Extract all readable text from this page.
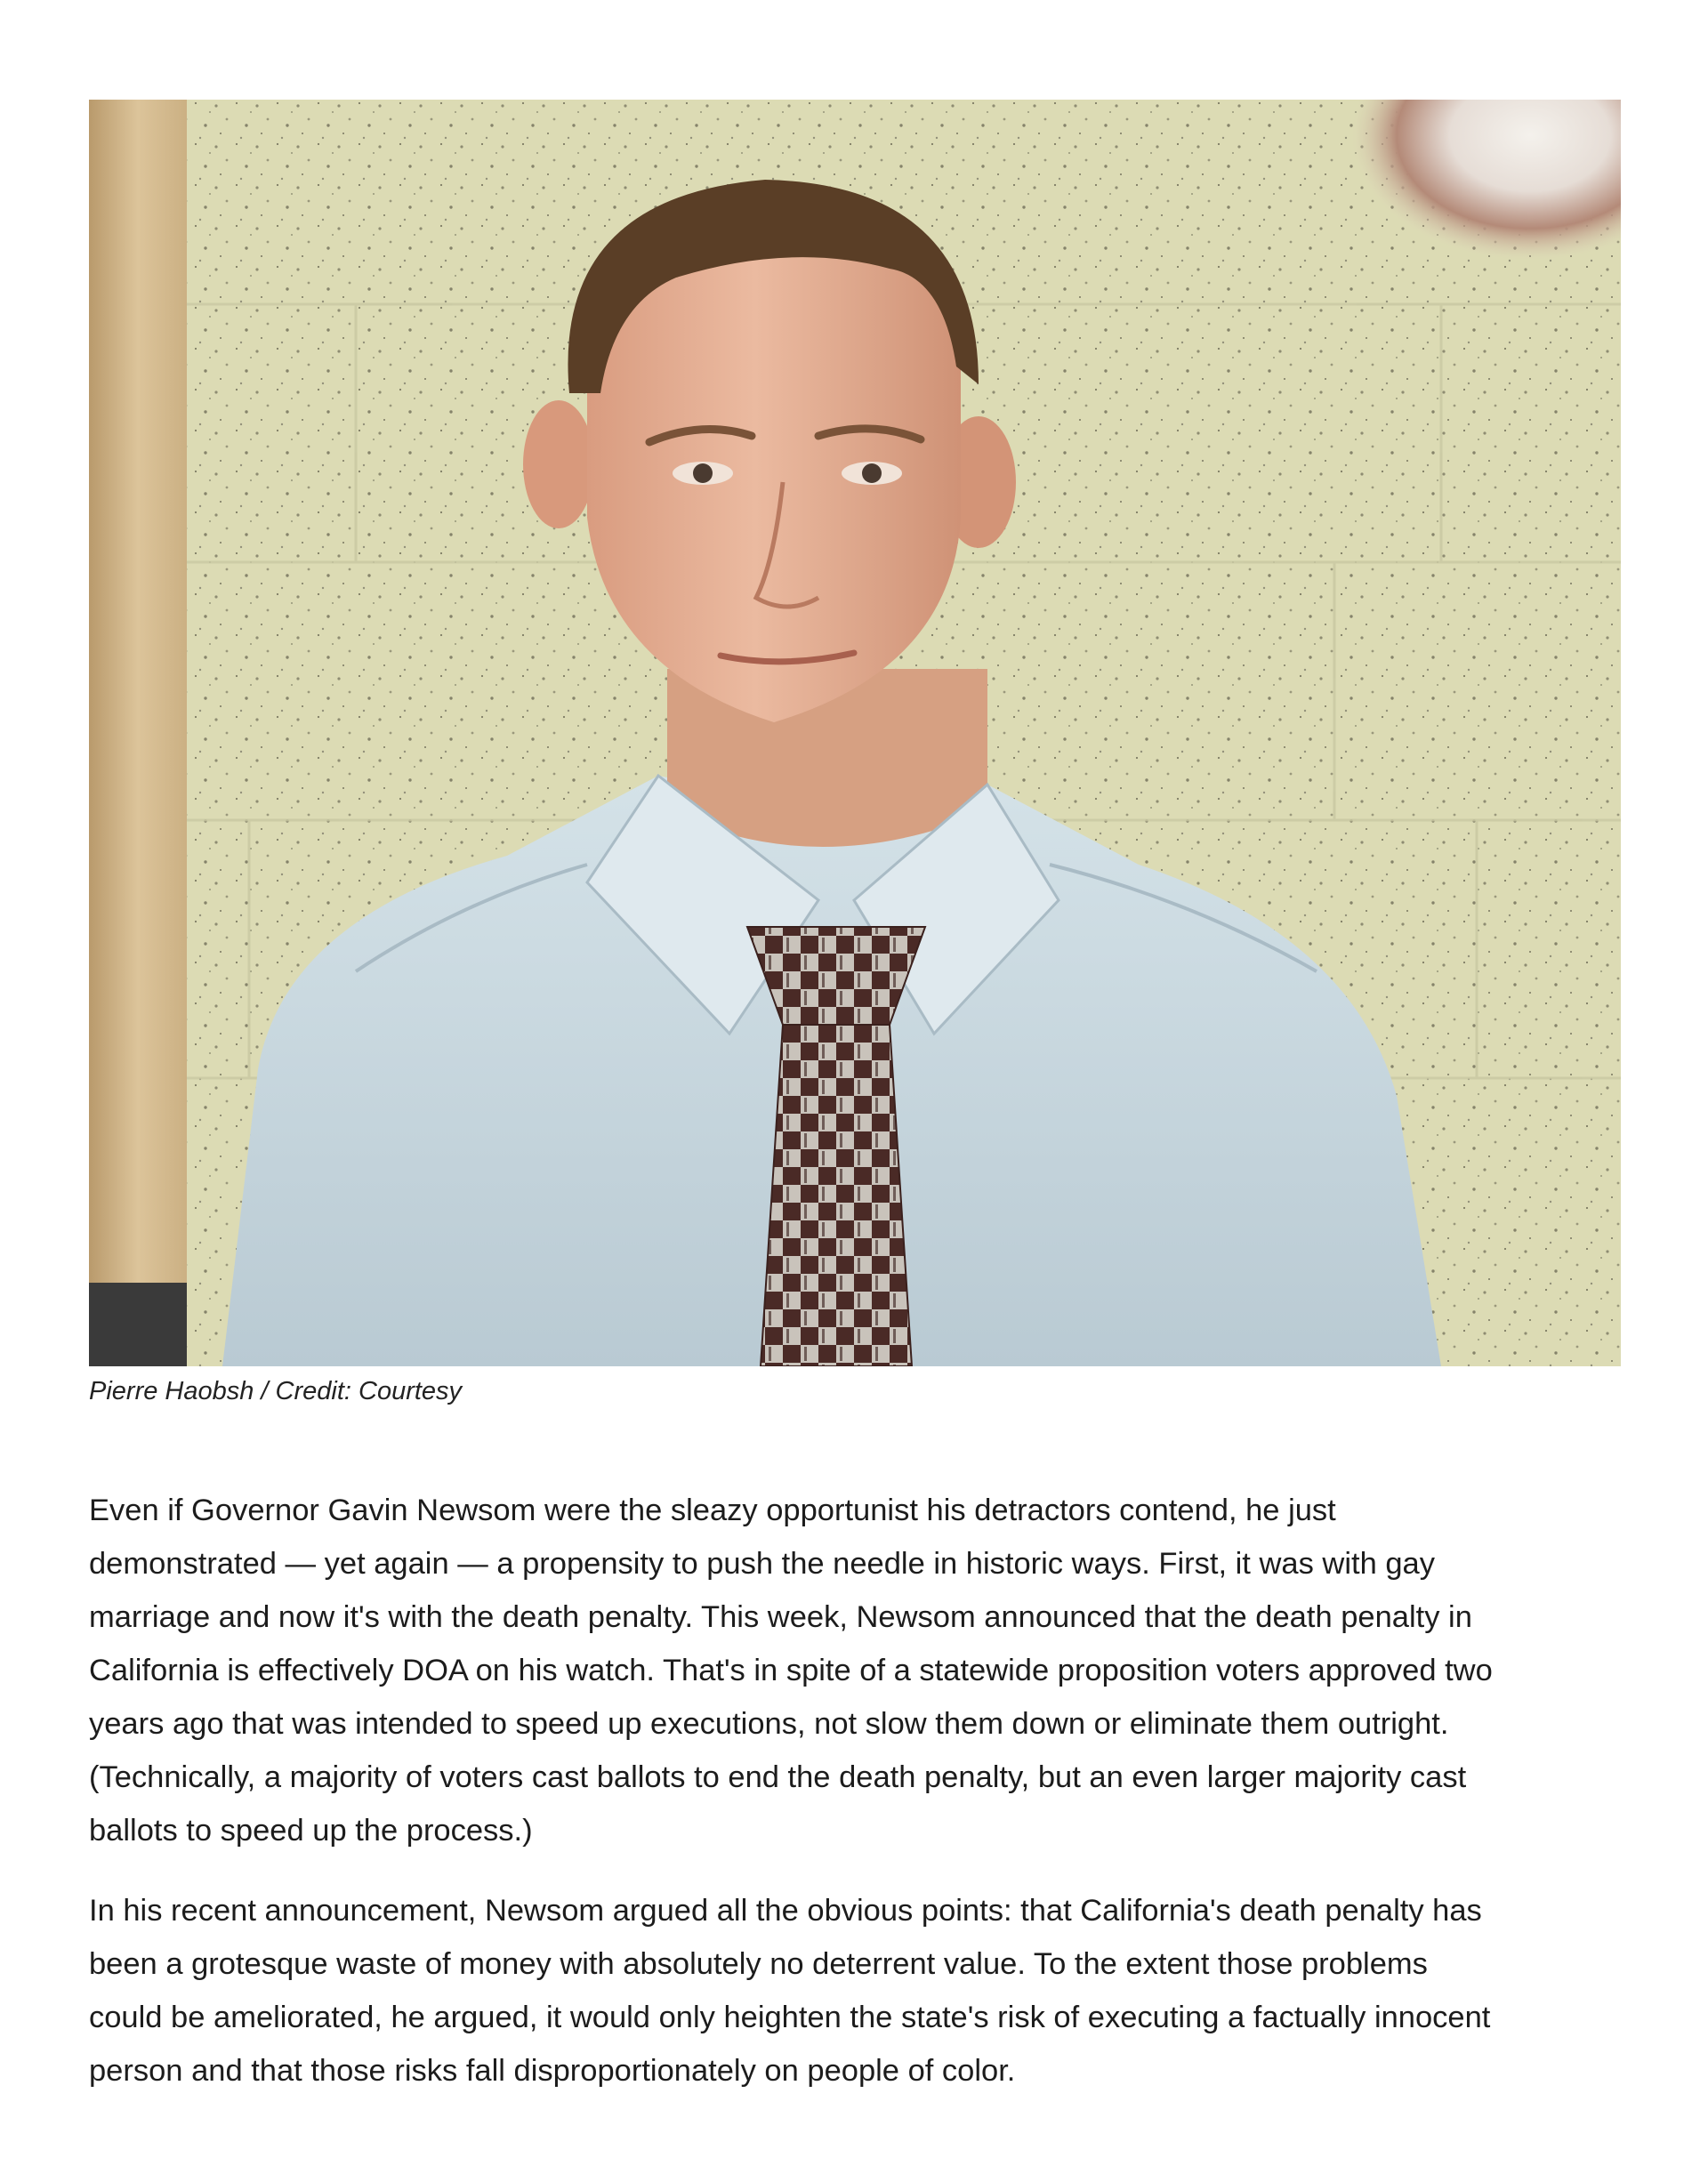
Pierre Haobsh / Credit: Courtesy

Even if Governor Gavin Newsom were the sleazy opportunist his detractors contend, he just
demonstrated — yet again — a propensity to push the needle in historic ways. First, it was with gay
marriage and now it's with the death penalty. This week, Newsom announced that the death penalty in
California is effectively DOA on his watch. That's in spite of a statewide proposition voters approved two
years ago that was intended to speed up executions, not slow them down or eliminate them outright.
(Technically, a majority of voters cast ballots to end the death penalty, but an even larger majority cast
ballots to speed up the process.)

In his recent announcement, Newsom argued all the obvious points: that California's death penalty has
been a grotesque waste of money with absolutely no deterrent value. To the extent those problems
could be ameliorated, he argued, it would only heighten the state's risk of executing a factually innocent
person and that those risks fall disproportionately on people of color.
